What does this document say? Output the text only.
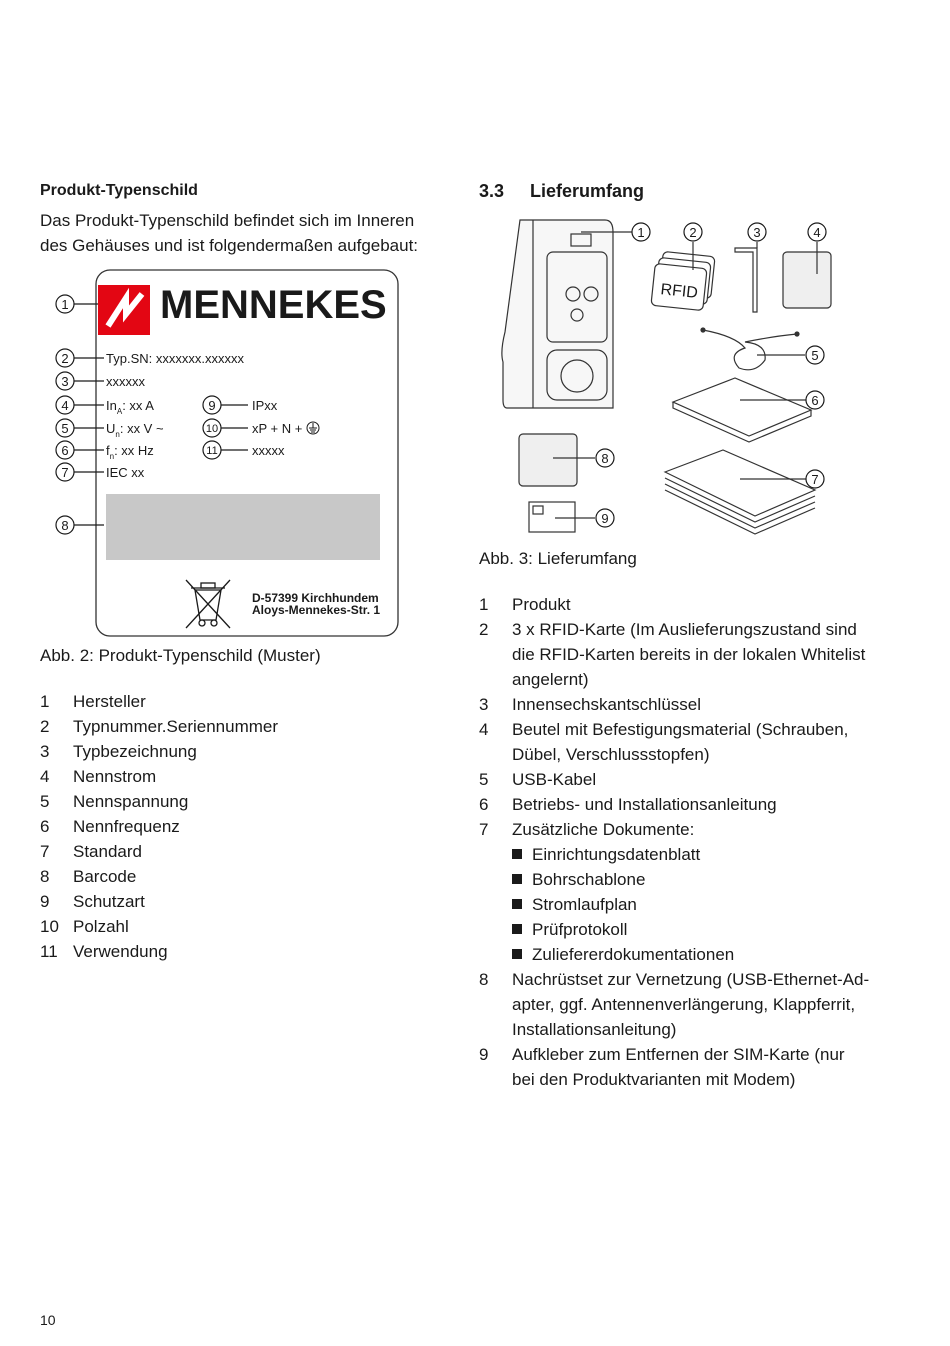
Produkt-Typenschild
Das Produkt-Typenschild befindet sich im Inneren
des Gehäuses und ist folgendermaßen aufgebaut:
MENNEKES
1
2
3
4
5
6
7
8
9
10
11
Typ.SN: xxxxxxx.xxxxxx
xxxxxx
$In_A$: xx A
$U_n$: xx V ~
$f_n$: xx Hz
IEC xx
IPxx
xP + N +
xxxxx
D-57399 Kirchhundem
Aloys-Mennekes-Str. 1
Abb. 2: Produkt-Typenschild (Muster)
1 Hersteller
2 Typnummer.Seriennummer
3 Typbezeichnung
4 Nennstrom
5 Nennspannung
6 Nennfrequenz
7 Standard
8 Barcode
9 Schutzart
10 Polzahl
11 Verwendung
3.3 Lieferumfang
RFID
1	2	3	4
5
6
7
8
9
Abb. 3: Lieferumfang
1 Produkt
2 3 x RFID-Karte (Im Auslieferungszustand sind
die RFID-Karten bereits in der lokalen Whitelist
angelernt)
3 Innensechskantschlüssel
4 Beutel mit Befestigungsmaterial (Schrauben,
Dübel, Verschlussstopfen)
5 USB-Kabel
6 Betriebs- und Installationsanleitung
7 Zusätzliche Dokumente:
Einrichtungsdatenblatt
Bohrschablone
Stromlaufplan
Prüfprotokoll
Zuliefererdokumentationen
8 Nachrüstset zur Vernetzung (USB-Ethernet-Ad-
apter, ggf. Antennenverlängerung, Klappferrit,
Installationsanleitung)
9 Aufkleber zum Entfernen der SIM-Karte (nur
bei den Produktvarianten mit Modem)
10
